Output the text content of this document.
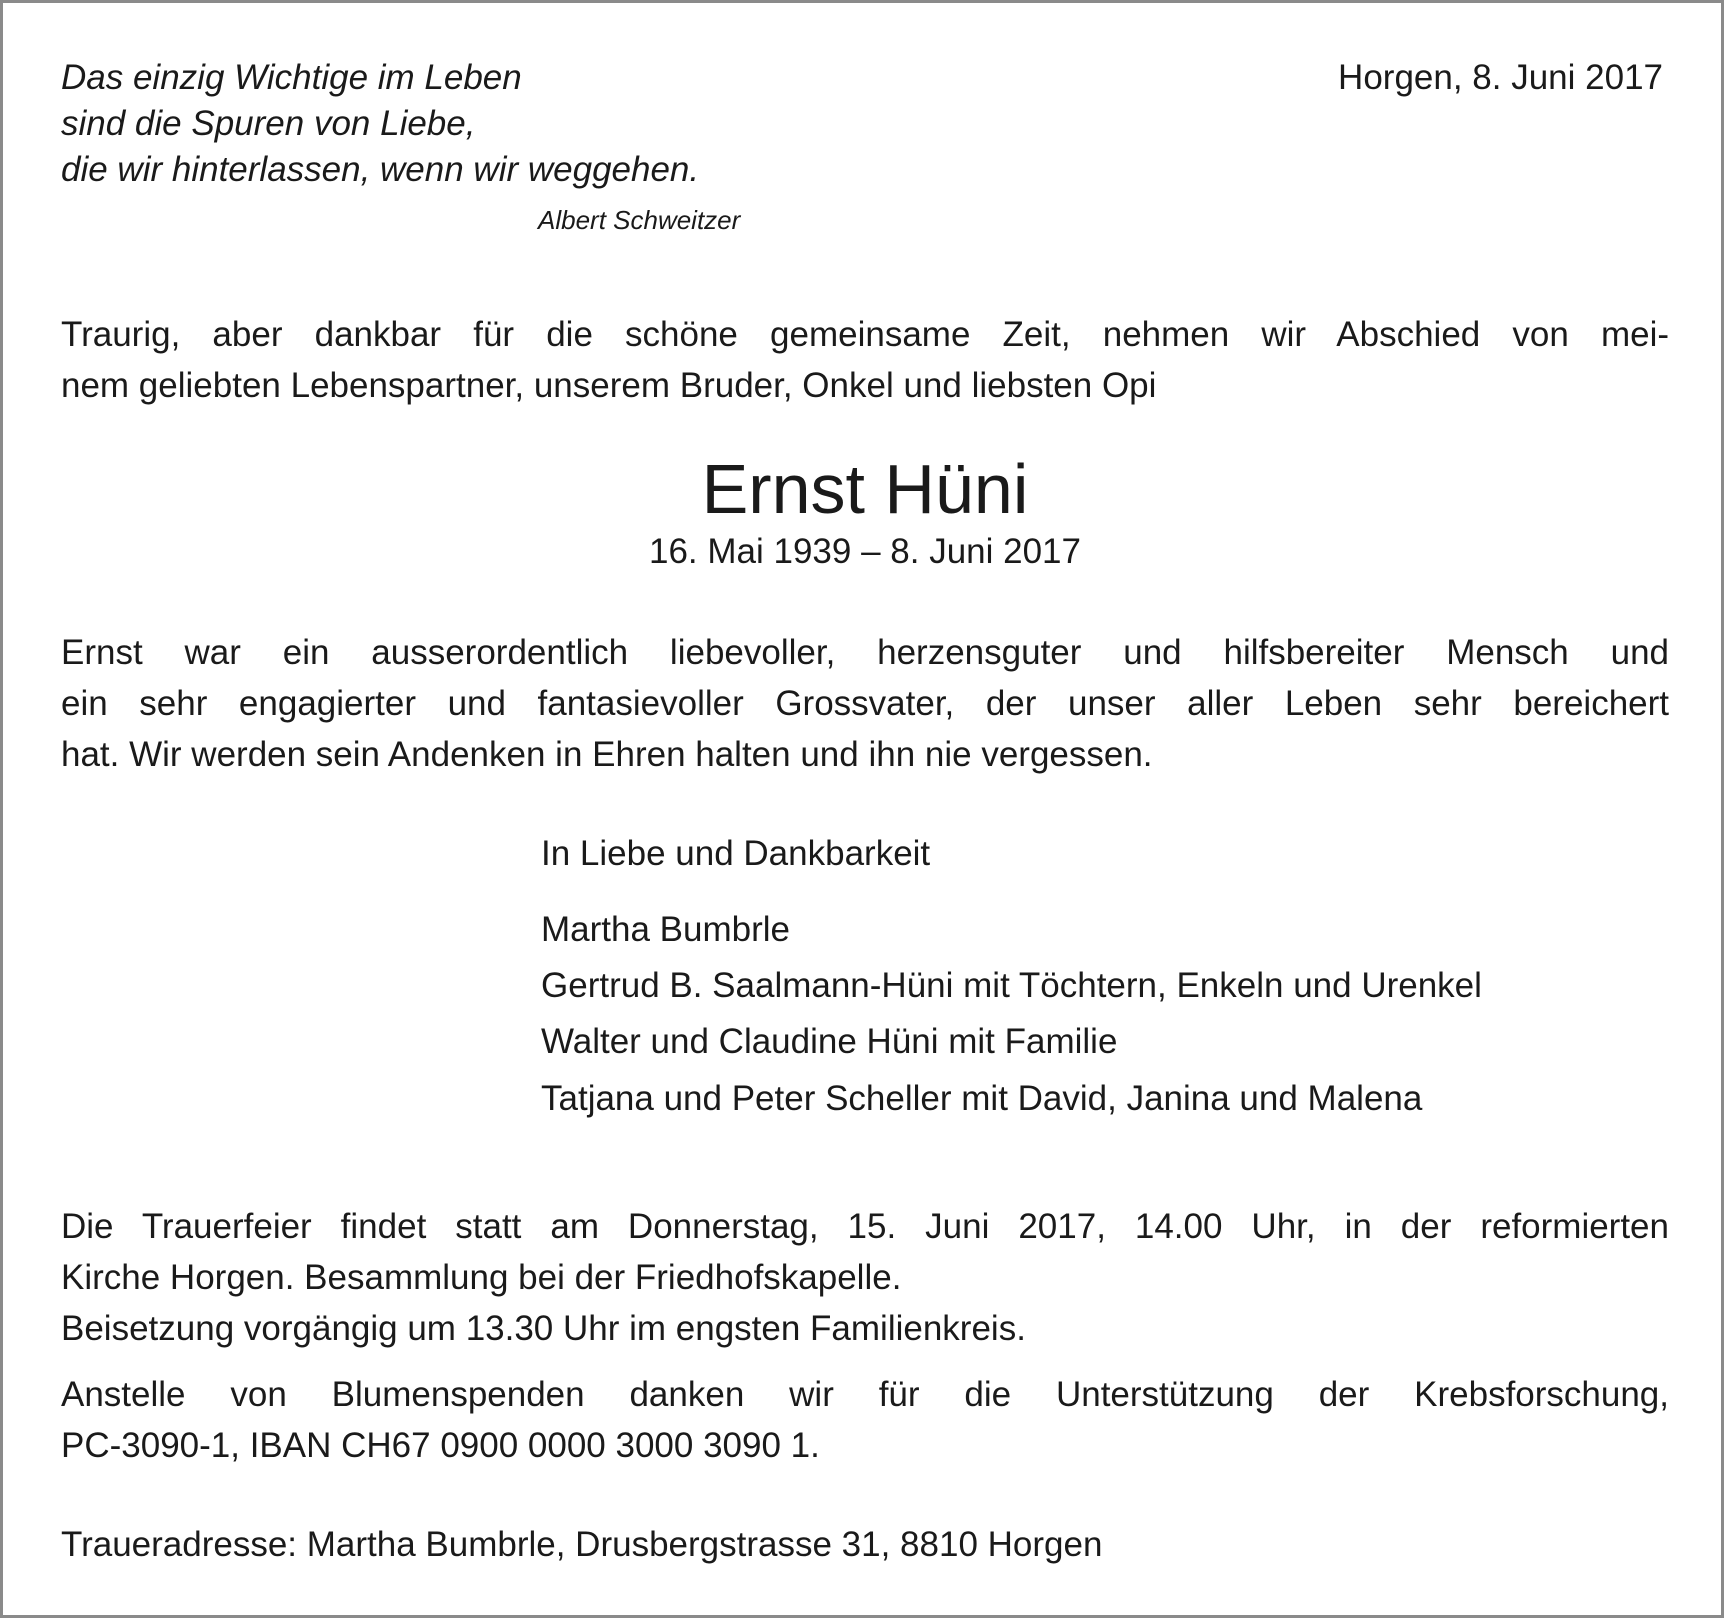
Das einzig Wichtige im Leben

sind die Spuren von Liebe,

die wir hinterlassen, wenn wir weggehen.

Albert Schweitzer

Horgen, 8. Juni 2017

Traurig, aber dankbar für die schöne gemeinsame Zeit, nehmen wir Abschied von mei-

nem geliebten Lebenspartner, unserem Bruder, Onkel und liebsten Opi

Ernst Hüni

16. Mai 1939 – 8. Juni 2017

Ernst war ein ausserordentlich liebevoller, herzensguter und hilfsbereiter Mensch und

ein sehr engagierter und fantasievoller Grossvater, der unser aller Leben sehr bereichert

hat. Wir werden sein Andenken in Ehren halten und ihn nie vergessen.

In Liebe und Dankbarkeit

Martha Bumbrle

Gertrud B. Saalmann-Hüni mit Töchtern, Enkeln und Urenkel

Walter und Claudine Hüni mit Familie

Tatjana und Peter Scheller mit David, Janina und Malena

Die Trauerfeier findet statt am Donnerstag, 15. Juni 2017, 14.00 Uhr, in der reformierten

Kirche Horgen. Besammlung bei der Friedhofskapelle.

Beisetzung vorgängig um 13.30 Uhr im engsten Familienkreis.

Anstelle von Blumenspenden danken wir für die Unterstützung der Krebsforschung,

PC-3090-1, IBAN CH67 0900 0000 3000 3090 1.

Traueradresse: Martha Bumbrle, Drusbergstrasse 31, 8810 Horgen
